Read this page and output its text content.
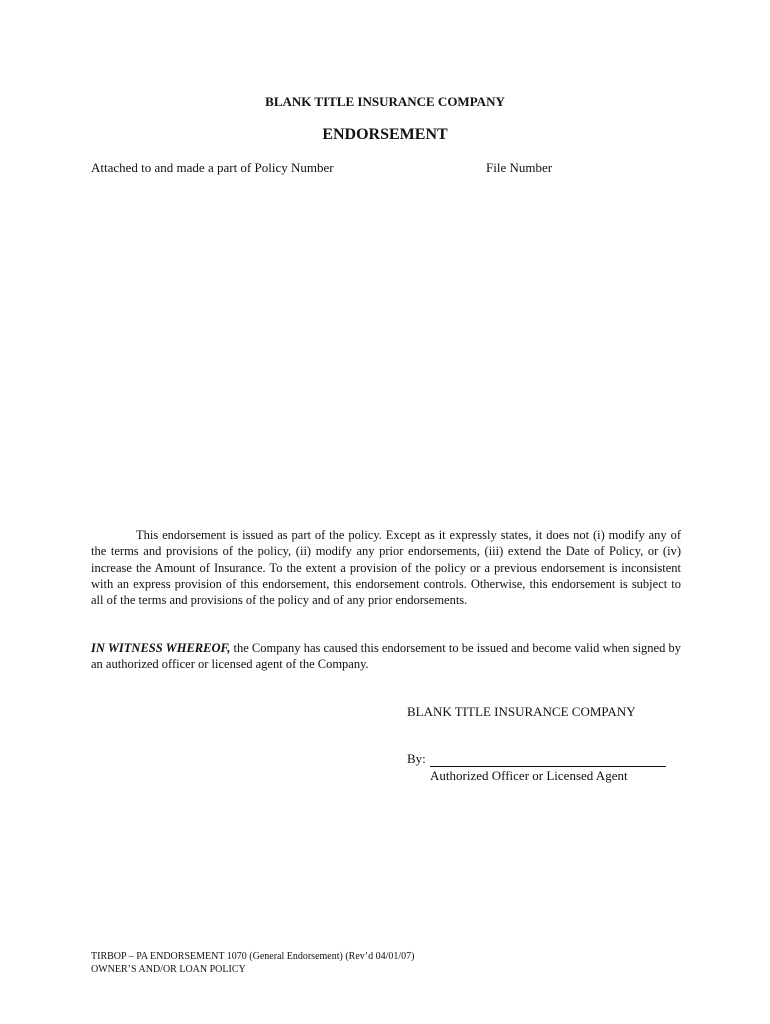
BLANK TITLE INSURANCE COMPANY
ENDORSEMENT
Attached to and made a part of Policy Number	File Number

This endorsement is issued as part of the policy. Except as it expressly states, it does not (i) modify any of the terms and provisions of the policy, (ii) modify any prior endorsements, (iii) extend the Date of Policy, or (iv) increase the Amount of Insurance. To the extent a provision of the policy or a previous endorsement is inconsistent with an express provision of this endorsement, this endorsement controls. Otherwise, this endorsement is subject to all of the terms and provisions of the policy and of any prior endorsements.

IN WITNESS WHEREOF, the Company has caused this endorsement to be issued and become valid when signed by an authorized officer or licensed agent of the Company.

BLANK TITLE INSURANCE COMPANY
By:
Authorized Officer or Licensed Agent
TIRBOP – PA ENDORSEMENT 1070 (General Endorsement) (Rev’d 04/01/07)
OWNER’S AND/OR LOAN POLICY
